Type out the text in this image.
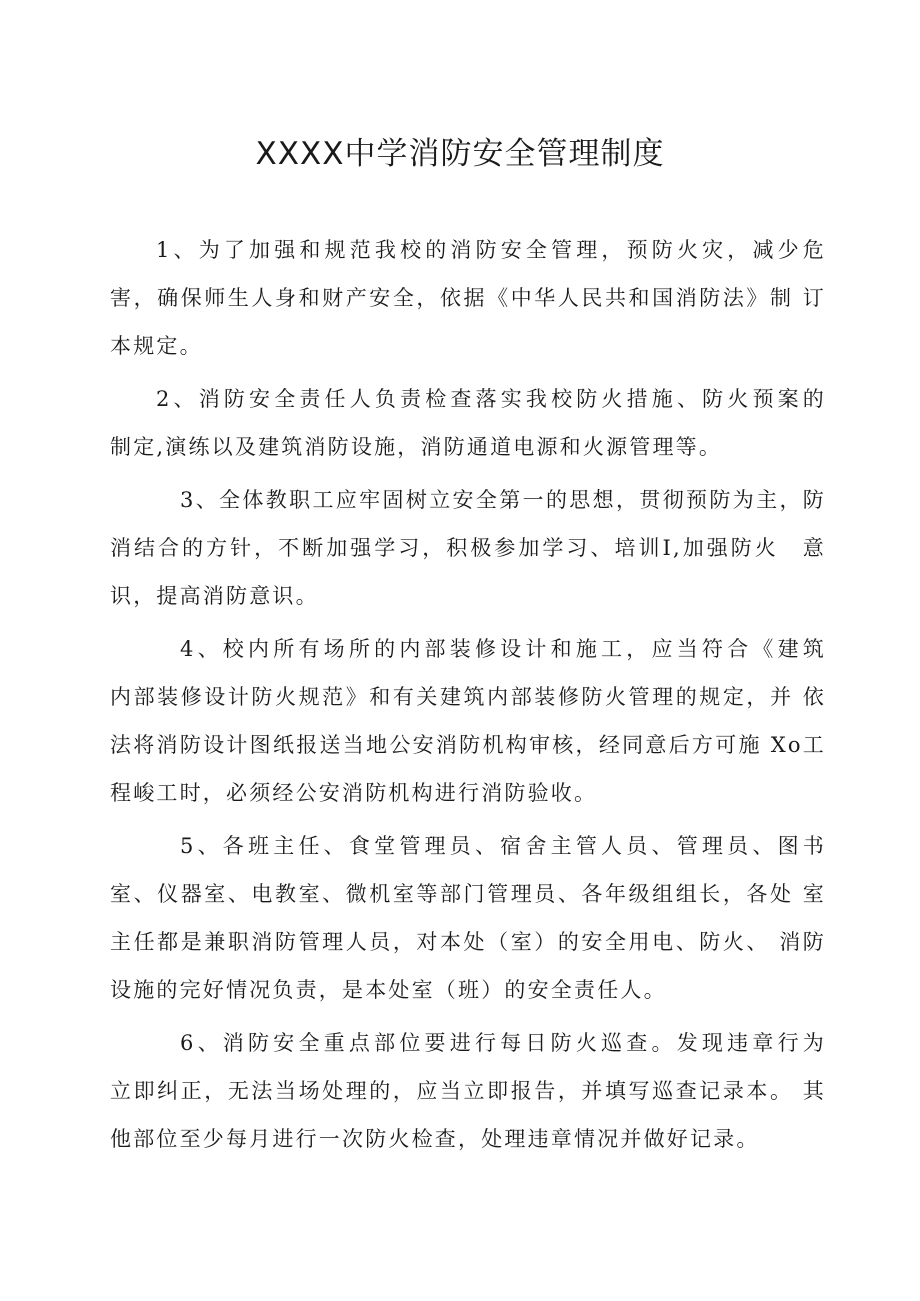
XXXX中学消防安全管理制度

1、为了加强和规范我校的消防安全管理，预防火灾，减少危　害，确保师生人身和财产安全，依据《中华人民共和国消防法》制 订本规定。

2、消防安全责任人负责检查落实我校防火措施、防火预案的　　制定,演练以及建筑消防设施，消防通道电源和火源管理等。

3、全体教职工应牢固树立安全第一的思想，贯彻预防为主，防消结合的方针，不断加强学习，积极参加学习、培训I,加强防火　意识，提高消防意识。

4、校内所有场所的内部装修设计和施工，应当符合《建筑　　内部装修设计防火规范》和有关建筑内部装修防火管理的规定，并 依法将消防设计图纸报送当地公安消防机构审核，经同意后方可施 Xo工程峻工时，必须经公安消防机构进行消防验收。

5、各班主任、食堂管理员、宿舍主管人员、管理员、图书　室、仪器室、电教室、微机室等部门管理员、各年级组组长，各处 室主任都是兼职消防管理人员，对本处（室）的安全用电、防火、 消防设施的完好情况负责，是本处室（班）的安全责任人。

6、消防安全重点部位要进行每日防火巡查。发现违章行为　 立即纠正，无法当场处理的，应当立即报告，并填写巡查记录本。 其他部位至少每月进行一次防火检查，处理违章情况并做好记录。
